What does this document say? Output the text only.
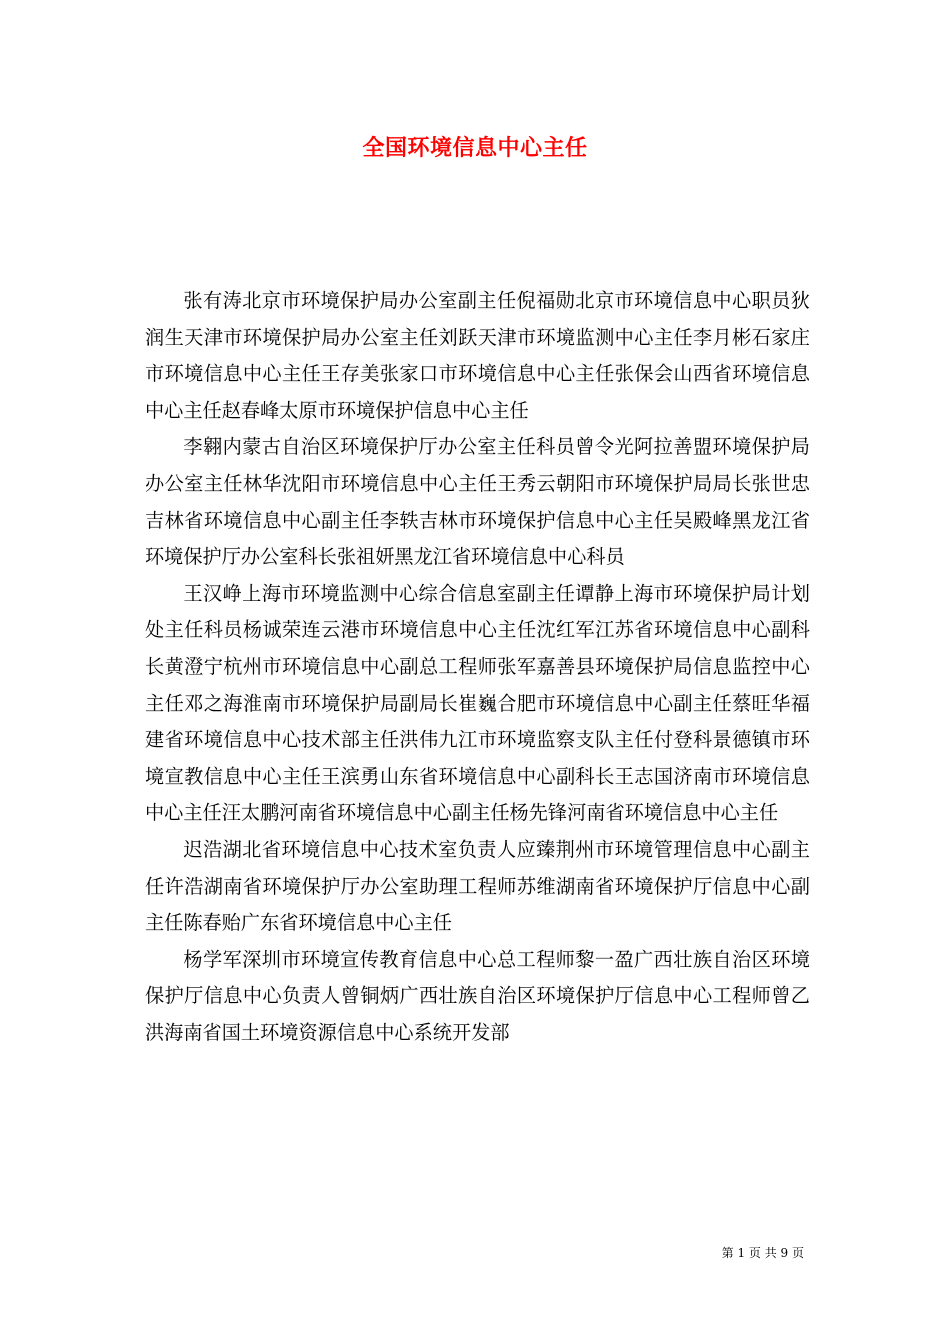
全国环境信息中心主任

张有涛北京市环境保护局办公室副主任倪福勋北京市环境信息中心职员狄润生天津市环境保护局办公室主任刘跃天津市环境监测中心主任李月彬石家庄市环境信息中心主任王存美张家口市环境信息中心主任张保会山西省环境信息中心主任赵春峰太原市环境保护信息中心主任

李翱内蒙古自治区环境保护厅办公室主任科员曾令光阿拉善盟环境保护局办公室主任林华沈阳市环境信息中心主任王秀云朝阳市环境保护局局长张世忠吉林省环境信息中心副主任李轶吉林市环境保护信息中心主任吴殿峰黑龙江省环境保护厅办公室科长张祖妍黑龙江省环境信息中心科员

王汉峥上海市环境监测中心综合信息室副主任谭静上海市环境保护局计划处主任科员杨诚荣连云港市环境信息中心主任沈红军江苏省环境信息中心副科长黄澄宁杭州市环境信息中心副总工程师张军嘉善县环境保护局信息监控中心主任邓之海淮南市环境保护局副局长崔巍合肥市环境信息中心副主任蔡旺华福建省环境信息中心技术部主任洪伟九江市环境监察支队主任付登科景德镇市环境宣教信息中心主任王滨勇山东省环境信息中心副科长王志国济南市环境信息中心主任汪太鹏河南省环境信息中心副主任杨先锋河南省环境信息中心主任

迟浩湖北省环境信息中心技术室负责人应臻荆州市环境管理信息中心副主任许浩湖南省环境保护厅办公室助理工程师苏维湖南省环境保护厅信息中心副主任陈春贻广东省环境信息中心主任

杨学军深圳市环境宣传教育信息中心总工程师黎一盈广西壮族自治区环境保护厅信息中心负责人曾铜炳广西壮族自治区环境保护厅信息中心工程师曾乙洪海南省国土环境资源信息中心系统开发部

第 1 页 共 9 页
